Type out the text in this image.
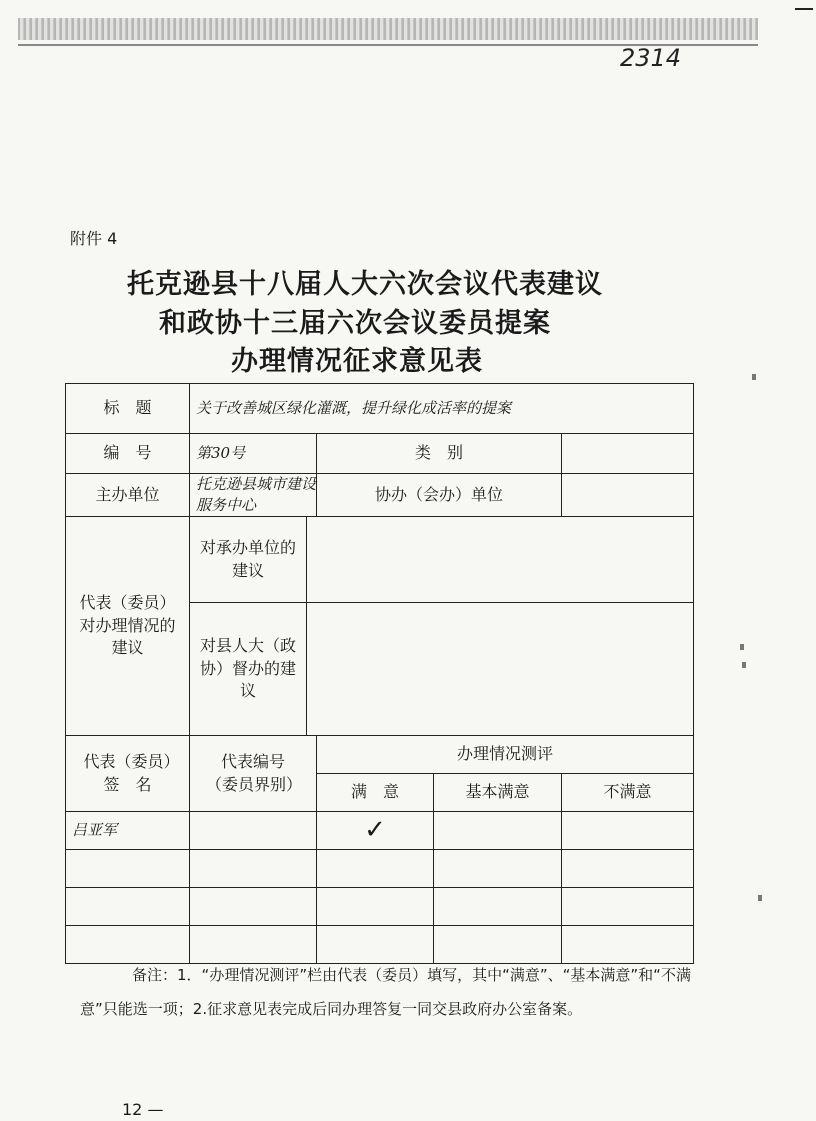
2314
附件 4
托克逊县十八届人大六次会议代表建议
和政协十三届六次会议委员提案
办理情况征求意见表
标　题	关于改善城区绿化灌溉，提升绿化成活率的提案				
编　号	第30号		类　别		
主办单位	托克逊县城市建设服务中心		协办（会办）单位		
代表（委员）对办理情况的建议	对承办单位的建议				
	对县人大（政协）督办的建议				
代表（委员）签　名	代表编号（委员界别）		办理情况测评		
			满　意	基本满意	不满意
吕亚军			✓		

备注：1．“办理情况测评”栏由代表（委员）填写，其中“满意”、“基本满意”和“不满意”只能选一项；2.征求意见表完成后同办理答复一同交县政府办公室备案。
12 —
